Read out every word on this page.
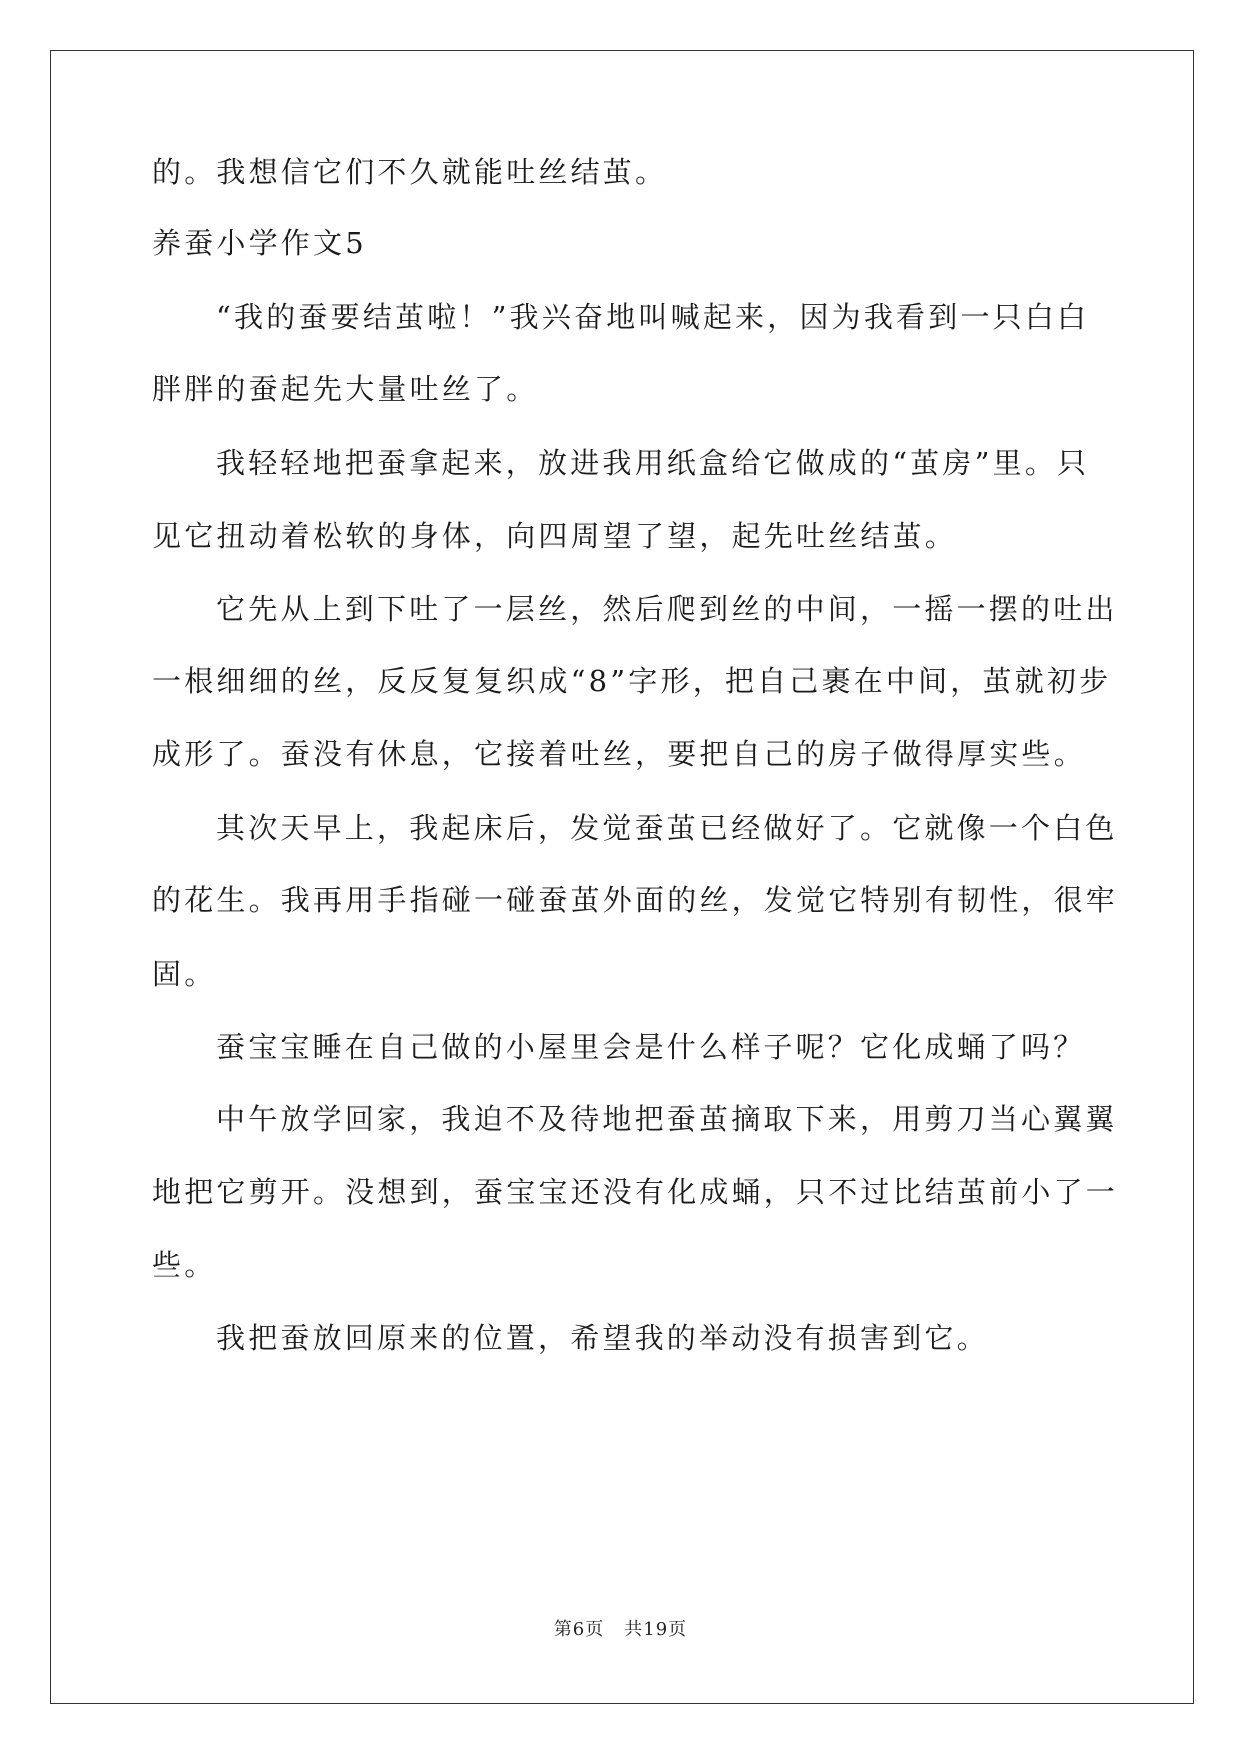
的。我想信它们不久就能吐丝结茧。
养蚕小学作文5
“我的蚕要结茧啦！”我兴奋地叫喊起来，因为我看到一只白白
胖胖的蚕起先大量吐丝了。
我轻轻地把蚕拿起来，放进我用纸盒给它做成的“茧房”里。只
见它扭动着松软的身体，向四周望了望，起先吐丝结茧。
它先从上到下吐了一层丝，然后爬到丝的中间，一摇一摆的吐出
一根细细的丝，反反复复织成“8”字形，把自己裹在中间，茧就初步
成形了。蚕没有休息，它接着吐丝，要把自己的房子做得厚实些。
其次天早上，我起床后，发觉蚕茧已经做好了。它就像一个白色
的花生。我再用手指碰一碰蚕茧外面的丝，发觉它特别有韧性，很牢
固。
蚕宝宝睡在自己做的小屋里会是什么样子呢？它化成蛹了吗？
中午放学回家，我迫不及待地把蚕茧摘取下来，用剪刀当心翼翼
地把它剪开。没想到，蚕宝宝还没有化成蛹，只不过比结茧前小了一
些。
我把蚕放回原来的位置，希望我的举动没有损害到它。
第6页 共19页
